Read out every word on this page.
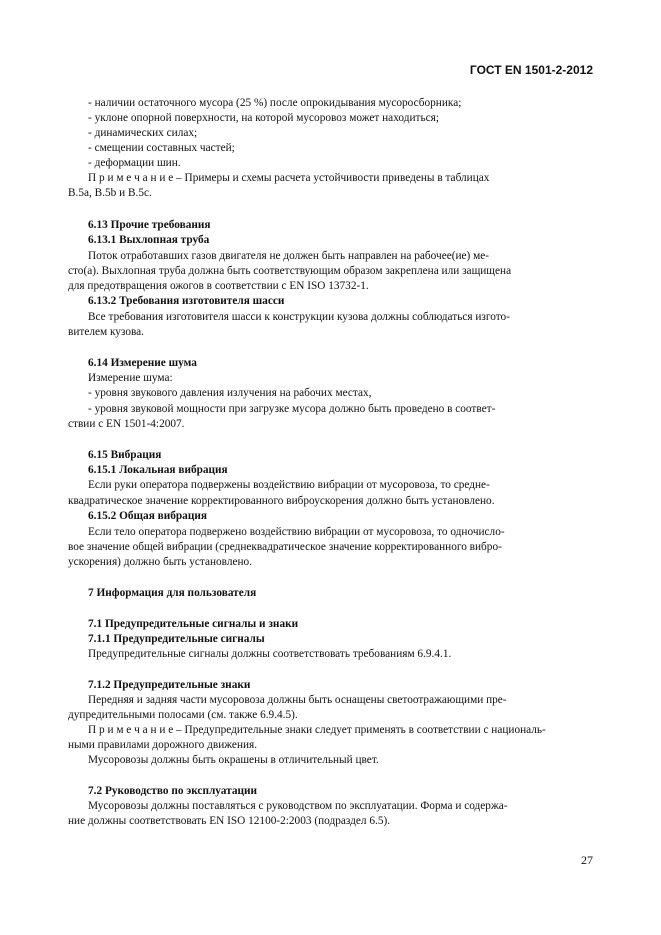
ГОСТ EN 1501-2-2012
- наличии остаточного мусора (25 %) после опрокидывания мусоросборника;
- уклоне опорной поверхности, на которой мусоровоз может находиться;
- динамических силах;
- смещении составных частей;
- деформации шин.
П р и м е ч а н и е – Примеры и схемы расчета устойчивости приведены в таблицах
В.5а, В.5b и В.5с.
6.13 Прочие требования
6.13.1 Выхлопная труба
Поток отработавших газов двигателя не должен быть направлен на рабочее(ие) ме-
сто(а). Выхлопная труба должна быть соответствующим образом закреплена или защищена
для предотвращения ожогов в соответствии с EN ISO 13732-1.
6.13.2 Требования изготовителя шасси
Все требования изготовителя шасси к конструкции кузова должны соблюдаться изгото-
вителем кузова.
6.14 Измерение шума
Измерение шума:
- уровня звукового давления излучения на рабочих местах,
- уровня звуковой мощности при загрузке мусора должно быть проведено в соответ-
ствии с EN 1501-4:2007.
6.15 Вибрация
6.15.1 Локальная вибрация
Если руки оператора подвержены воздействию вибрации от мусоровоза, то средне-
квадратическое значение корректированного виброускорения должно быть установлено.
6.15.2 Общая вибрация
Если тело оператора подвержено воздействию вибрации от мусоровоза, то одночисло-
вое значение общей вибрации (среднеквадратическое значение корректированного вибро-
ускорения) должно быть установлено.
7 Информация для пользователя
7.1 Предупредительные сигналы и знаки
7.1.1 Предупредительные сигналы
Предупредительные сигналы должны соответствовать требованиям 6.9.4.1.
7.1.2 Предупредительные знаки
Передняя и задняя части мусоровоза должны быть оснащены светоотражающими пре-
дупредительными полосами (см. также 6.9.4.5).
П р и м е ч а н и е – Предупредительные знаки следует применять в соответствии с националь-
ными правилами дорожного движения.
Мусоровозы должны быть окрашены в отличительный цвет.
7.2 Руководство по эксплуатации
Мусоровозы должны поставляться с руководством по эксплуатации. Форма и содержа-
ние должны соответствовать EN ISO 12100-2:2003 (подраздел 6.5).
27
